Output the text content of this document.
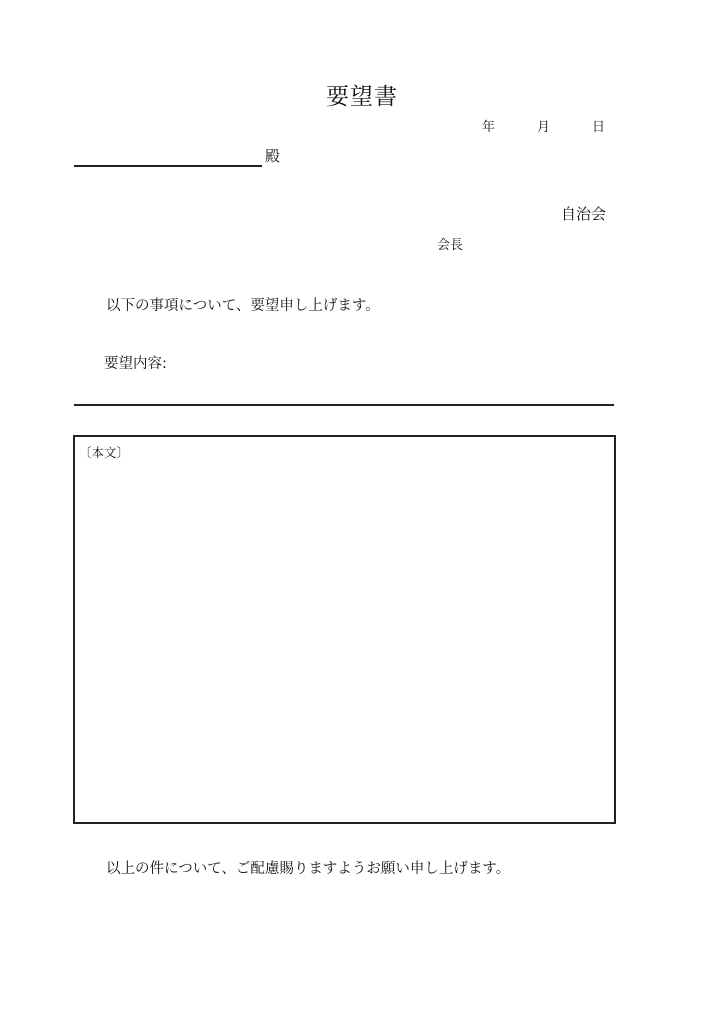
要望書
年	月	日
殿
自治会
会長
以下の事項について、要望申し上げます。
要望内容:
〔本文〕
以上の件について、ご配慮賜りますようお願い申し上げます。
